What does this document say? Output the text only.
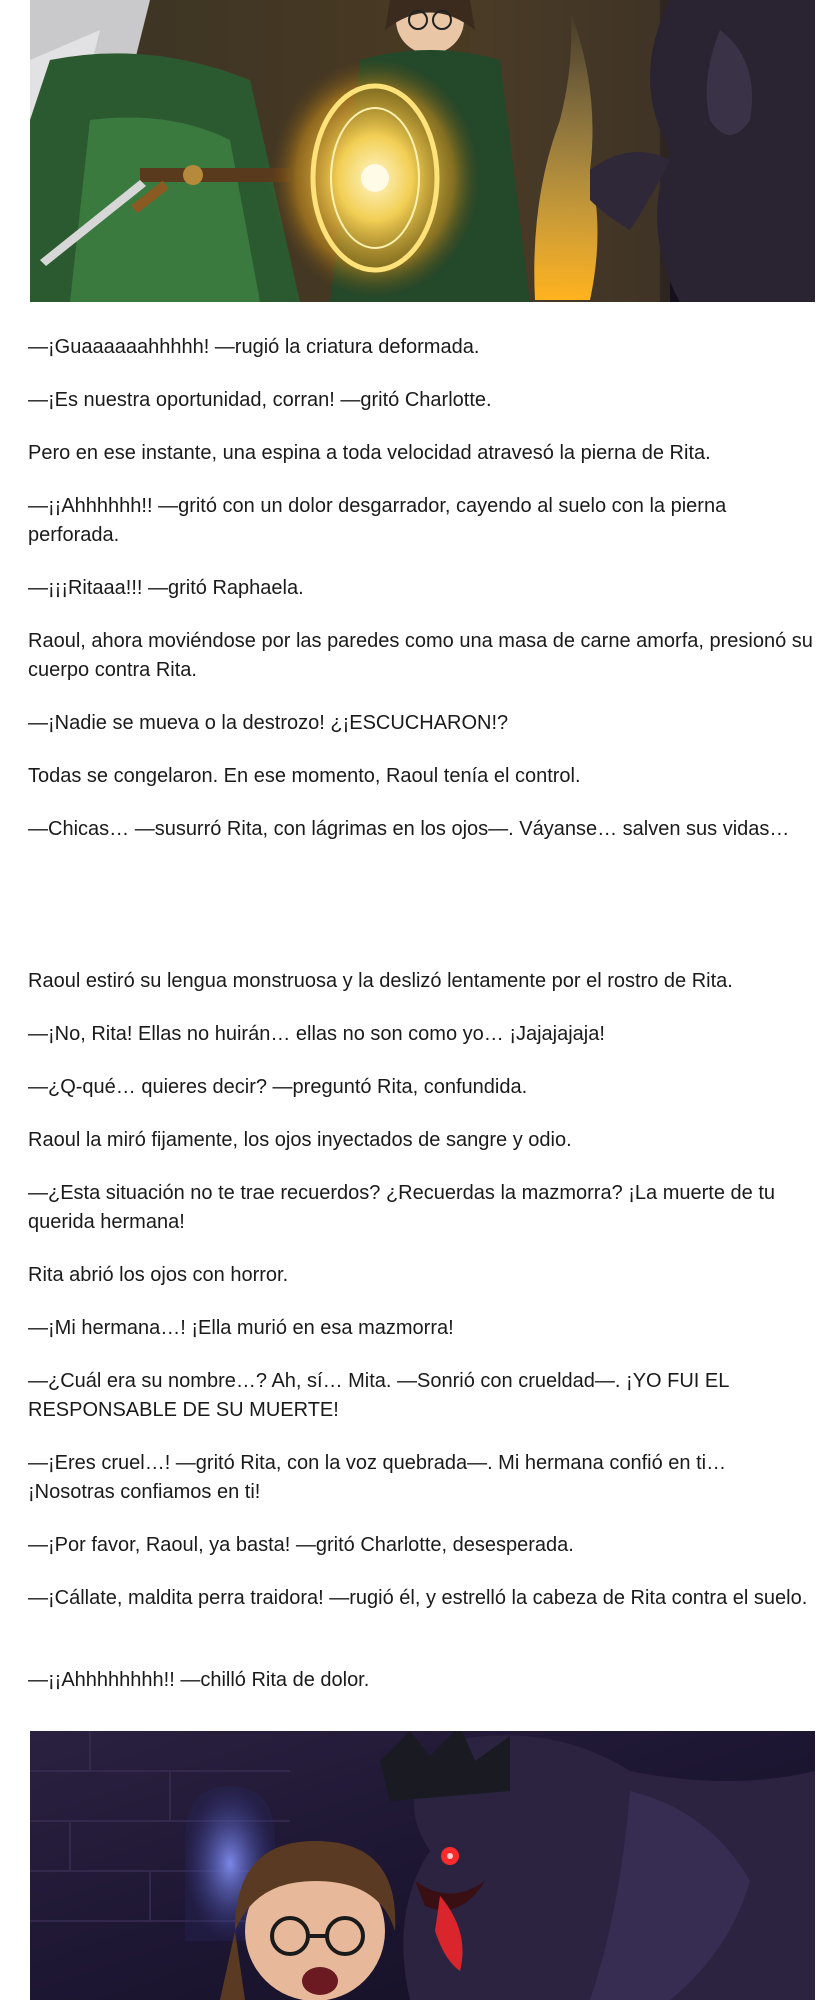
—¡Guaaaaaahhhhh! —rugió la criatura deformada.

—¡Es nuestra oportunidad, corran! —gritó Charlotte.

Pero en ese instante, una espina a toda velocidad atravesó la pierna de Rita.

—¡¡Ahhhhhh!! —gritó con un dolor desgarrador, cayendo al suelo con la pierna perforada.

—¡¡¡Ritaaa!!! —gritó Raphaela.

Raoul, ahora moviéndose por las paredes como una masa de carne amorfa, presionó su cuerpo contra Rita.

—¡Nadie se mueva o la destrozo! ¿¡ESCUCHARON!?

Todas se congelaron. En ese momento, Raoul tenía el control.

—Chicas… —susurró Rita, con lágrimas en los ojos—. Váyanse… salven sus vidas…

Raoul estiró su lengua monstruosa y la deslizó lentamente por el rostro de Rita.

—¡No, Rita! Ellas no huirán… ellas no son como yo… ¡Jajajajaja!

—¿Q-qué… quieres decir? —preguntó Rita, confundida.

Raoul la miró fijamente, los ojos inyectados de sangre y odio.

—¿Esta situación no te trae recuerdos? ¿Recuerdas la mazmorra? ¡La muerte de tu querida hermana!

Rita abrió los ojos con horror.

—¡Mi hermana…! ¡Ella murió en esa mazmorra!

—¿Cuál era su nombre…? Ah, sí… Mita. —Sonrió con crueldad—. ¡YO FUI EL RESPONSABLE DE SU MUERTE!

—¡Eres cruel…! —gritó Rita, con la voz quebrada—. Mi hermana confió en ti… ¡Nosotras confiamos en ti!

—¡Por favor, Raoul, ya basta! —gritó Charlotte, desesperada.

—¡Cállate, maldita perra traidora! —rugió él, y estrelló la cabeza de Rita contra el suelo.

—¡¡Ahhhhhhhh!! —chilló Rita de dolor.
